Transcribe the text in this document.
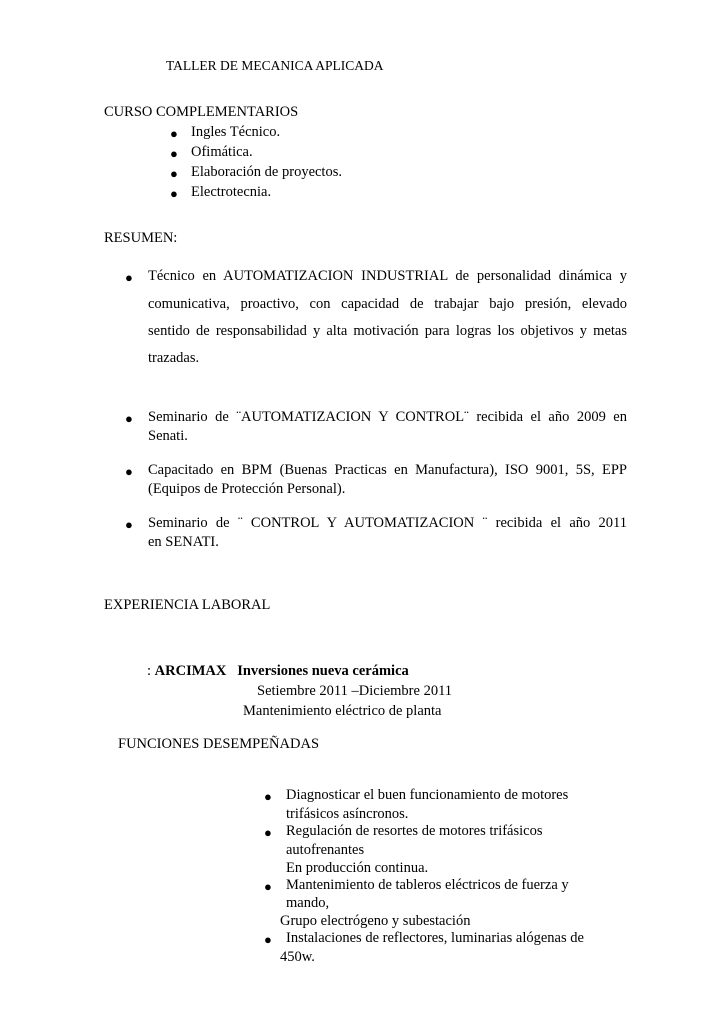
TALLER DE MECANICA APLICADA
CURSO COMPLEMENTARIOS
● Ingles Técnico.
● Ofimática.
● Elaboración de proyectos.
● Electrotecnia.
RESUMEN:
● Técnico en AUTOMATIZACION INDUSTRIAL de personalidad dinámica y
comunicativa, proactivo, con capacidad de trabajar bajo presión, elevado
sentido de responsabilidad y alta motivación para logras los objetivos y metas
trazadas.
● Seminario de ¨AUTOMATIZACION Y CONTROL¨ recibida el año 2009 en
Senati.
● Capacitado en BPM (Buenas Practicas en Manufactura), ISO 9001, 5S, EPP
(Equipos de Protección Personal).
● Seminario de ¨ CONTROL Y AUTOMATIZACION ¨ recibida el año 2011
en SENATI.
EXPERIENCIA LABORAL
: ARCIMAX Inversiones nueva cerámica
Setiembre 2011 –Diciembre 2011
Mantenimiento eléctrico de planta
FUNCIONES DESEMPEÑADAS
● Diagnosticar el buen funcionamiento de motores
trifásicos asíncronos.
● Regulación de resortes de motores trifásicos
autofrenantes
En producción continua.
● Mantenimiento de tableros eléctricos de fuerza y
mando,
Grupo electrógeno y subestación
● Instalaciones de reflectores, luminarias alógenas de
450w.
